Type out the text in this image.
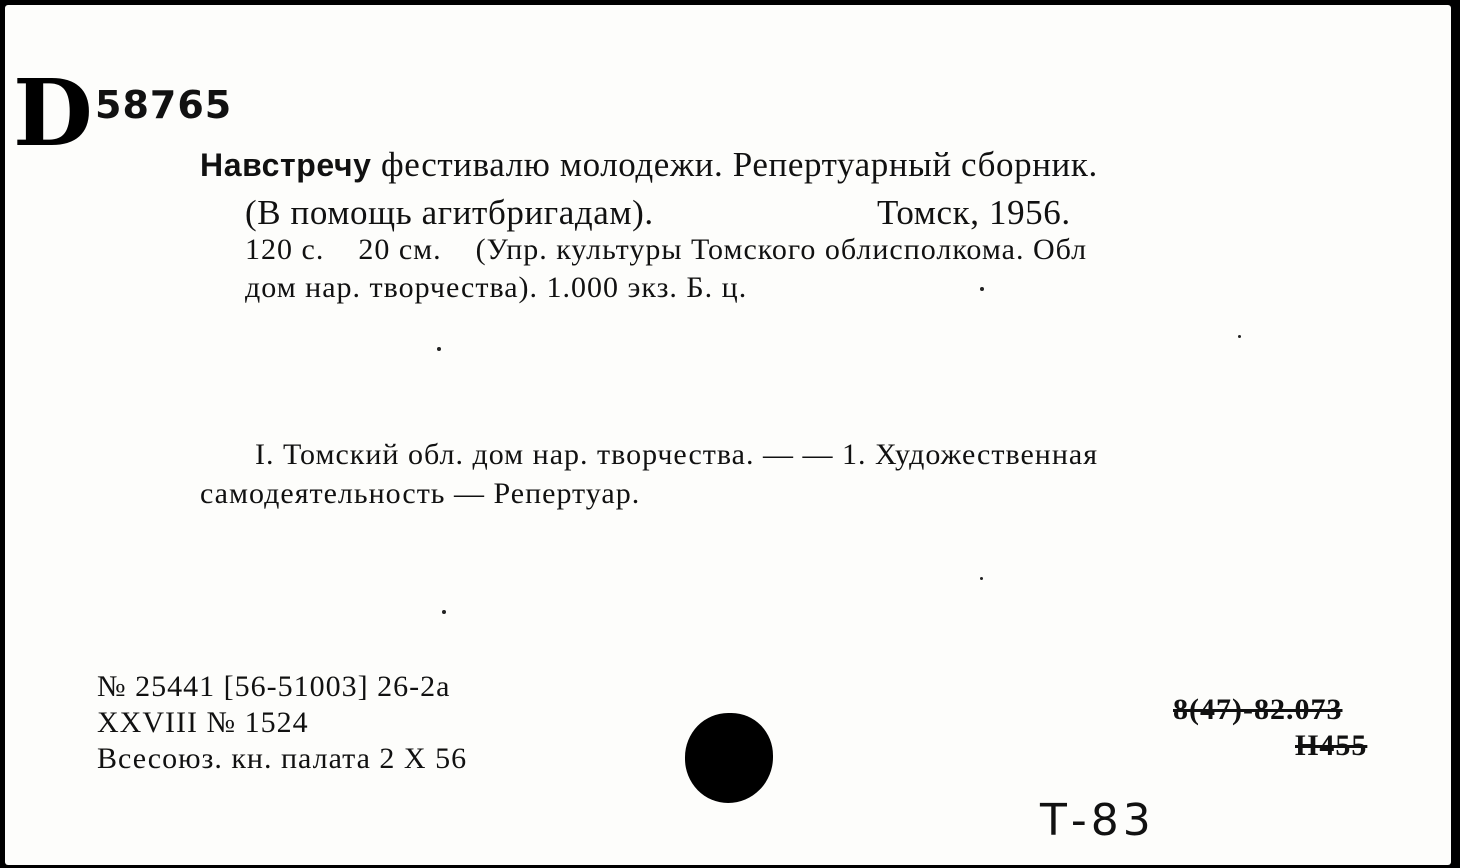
D 58765
Навстречу фестивалю молодежи. Репертуарный сборник.
(В помощь агитбригадам).	Томск, 1956.
120 с.    20 см.    (Упр. культуры Томского облисполкома. Обл
дом нар. творчества). 1.000 экз. Б. ц.
I. Томский обл. дом нар. творчества. — — 1. Художественная
самодеятельность — Репертуар.
№ 25441 [56-51003] 26-2а
XXVIII № 1524
Всесоюз. кн. палата 2 X 56
8(47)-82.073
Н455
Т-83
